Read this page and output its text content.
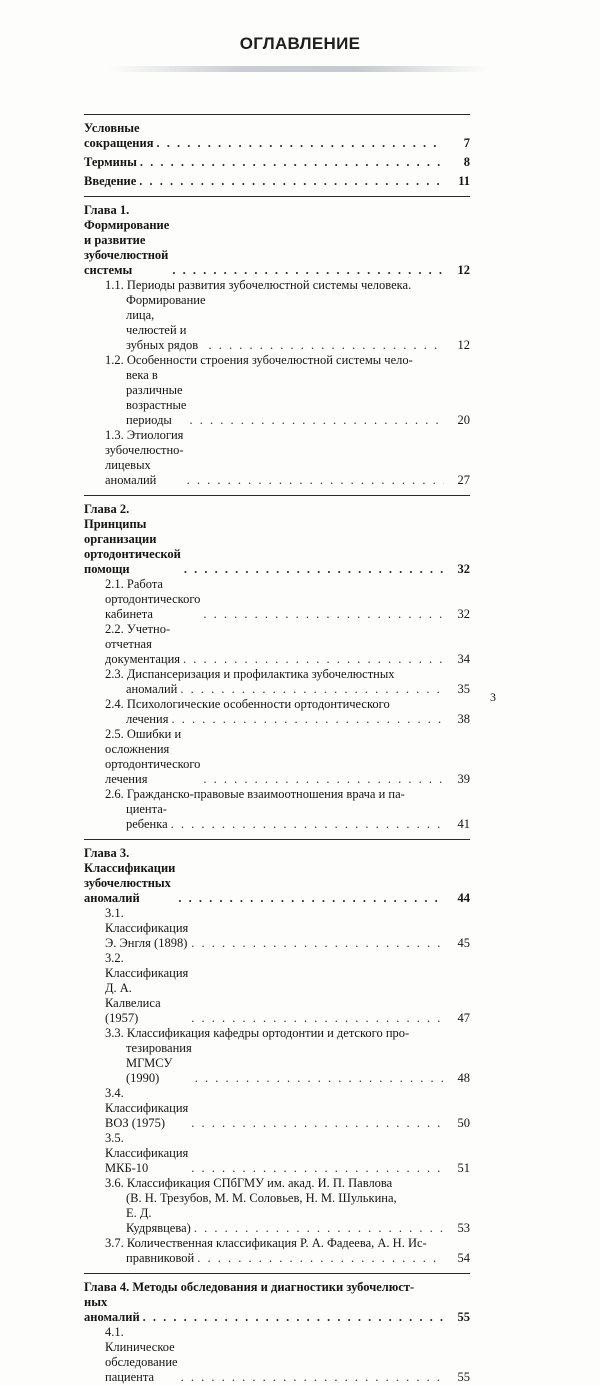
ОГЛАВЛЕНИЕ
Условные сокращения . . .	7
Термины . . .	8
Введение . . .	11
Глава 1. Формирование и развитие зубочелюстной системы . . .	12
1.1. Периоды развития зубочелюстной системы человека.
Формирование лица, челюстей и зубных рядов . . .	12
1.2. Особенности строения зубочелюстной системы чело-
века в различные возрастные периоды . . .	20
1.3. Этиология зубочелюстно-лицевых аномалий . . .	27
Глава 2. Принципы организации ортодонтической помощи . . .	32
2.1. Работа ортодонтического кабинета . . .	32
2.2. Учетно-отчетная документация . . .	34
2.3. Диспансеризация и профилактика зубочелюстных
аномалий . . .	35
2.4. Психологические особенности ортодонтического
лечения . . .	38
2.5. Ошибки и осложнения ортодонтического лечения . . .	39
2.6. Гражданско-правовые взаимоотношения врача и па-
циента-ребенка . . .	41
Глава 3. Классификации зубочелюстных аномалий . . .	44
3.1. Классификация Э. Энгля (1898) . . .	45
3.2. Классификация Д. А. Калвелиса (1957) . . .	47
3.3. Классификация кафедры ортодонтии и детского про-
тезирования МГМСУ (1990) . . .	48
3.4. Классификация ВОЗ (1975) . . .	50
3.5. Классификация МКБ-10 . . .	51
3.6. Классификация СПбГМУ им. акад. И. П. Павлова
(В. Н. Трезубов, М. М. Соловьев, Н. М. Шулькина,
Е. Д. Кудрявцева) . . .	53
3.7. Количественная классификация Р. А. Фадеева, А. Н. Ис-
правниковой . . .	54
Глава 4. Методы обследования и диагностики зубочелюст-
ных аномалий . . .	55
4.1. Клиническое обследование пациента . . .	55
3
